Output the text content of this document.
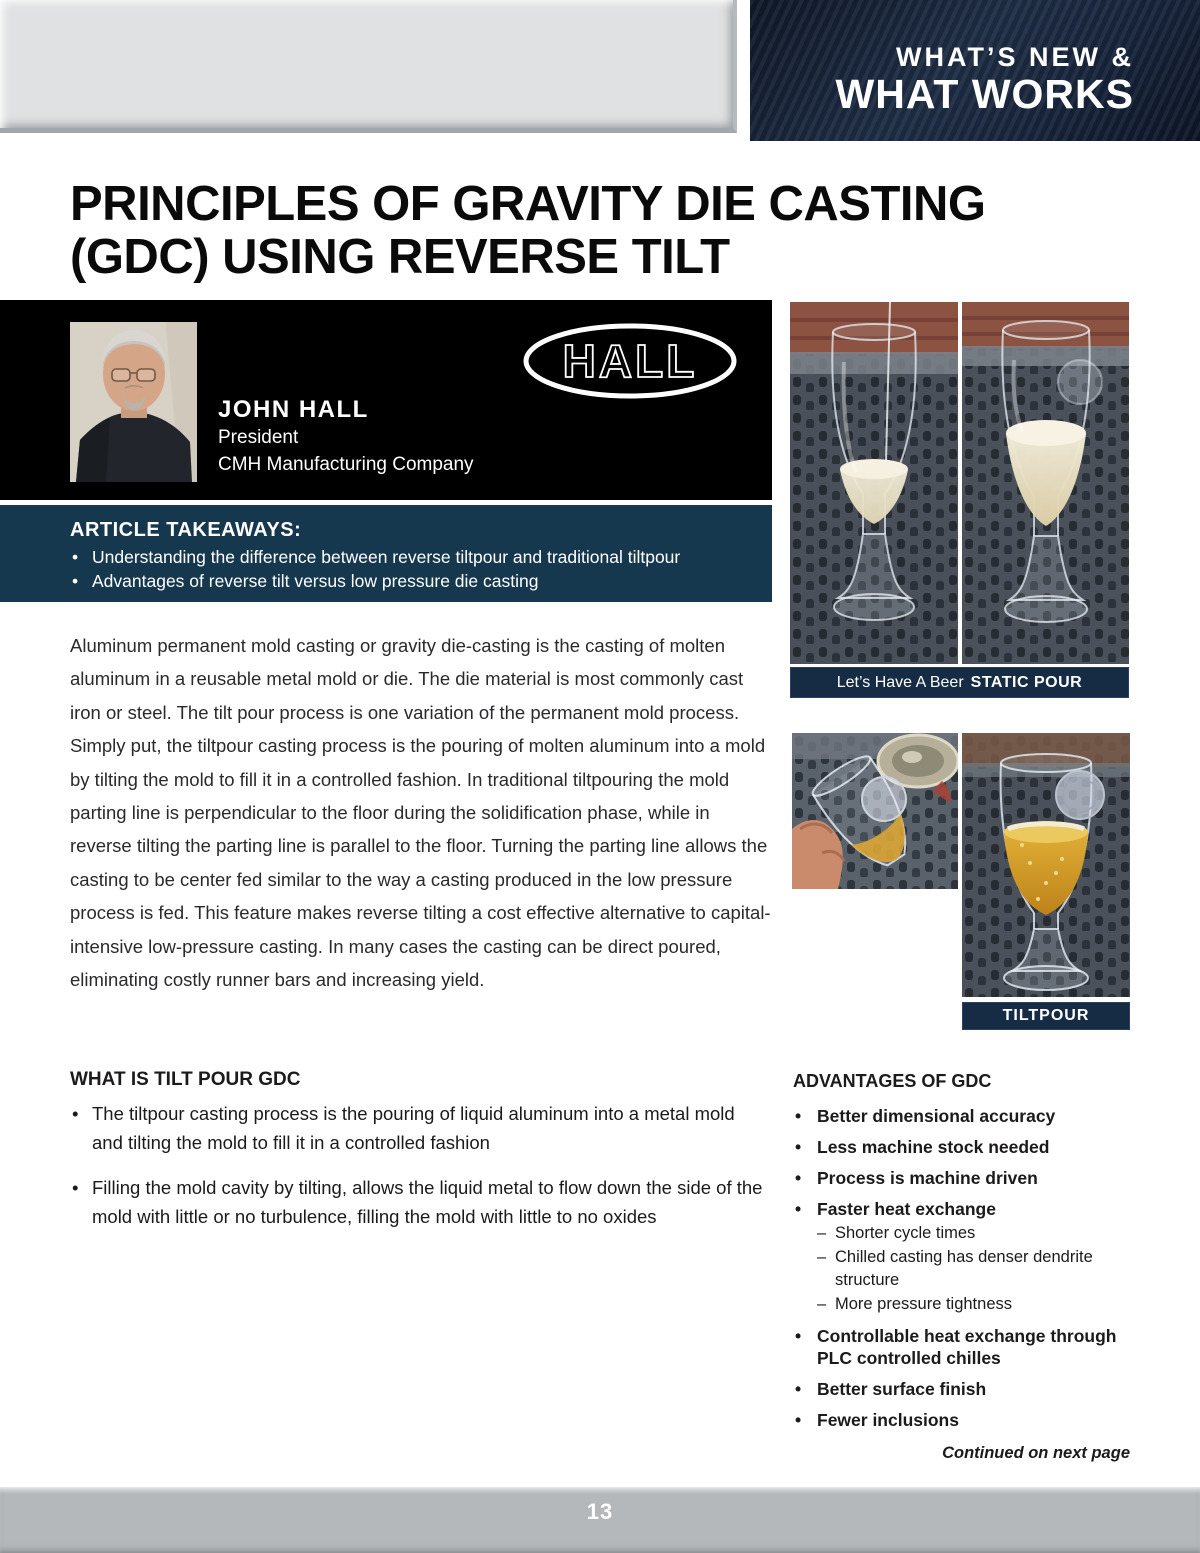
WHAT’S NEW &
WHAT WORKS
PRINCIPLES OF GRAVITY DIE CASTING (GDC) USING REVERSE TILT
JOHN HALL
President
CMH Manufacturing Company
HALL
ARTICLE TAKEAWAYS:
• Understanding the difference between reverse tiltpour and traditional tiltpour
• Advantages of reverse tilt versus low pressure die casting

Aluminum permanent mold casting or gravity die-casting is the casting of molten aluminum in a reusable metal mold or die. The die material is most commonly cast iron or steel. The tilt pour process is one variation of the permanent mold process. Simply put, the tiltpour casting process is the pouring of molten aluminum into a mold by tilting the mold to fill it in a controlled fashion. In traditional tiltpouring the mold parting line is perpendicular to the floor during the solidification phase, while in reverse tilting the parting line is parallel to the floor. Turning the parting line allows the casting to be center fed similar to the way a casting produced in the low pressure process is fed. This feature makes reverse tilting a cost effective alternative to capital-intensive low-pressure casting. In many cases the casting can be direct poured, eliminating costly runner bars and increasing yield.

WHAT IS TILT POUR GDC
• The tiltpour casting process is the pouring of liquid aluminum into a metal mold and tilting the mold to fill it in a controlled fashion
• Filling the mold cavity by tilting, allows the liquid metal to flow down the side of the mold with little or no turbulence, filling the mold with little to no oxides
Let’s Have A Beer STATIC POUR
TILTPOUR
ADVANTAGES OF GDC
• Better dimensional accuracy
• Less machine stock needed
• Process is machine driven
• Faster heat exchange
– Shorter cycle times
– Chilled casting has denser dendrite structure
– More pressure tightness
• Controllable heat exchange through PLC controlled chilles
• Better surface finish
• Fewer inclusions
Continued on next page
13
